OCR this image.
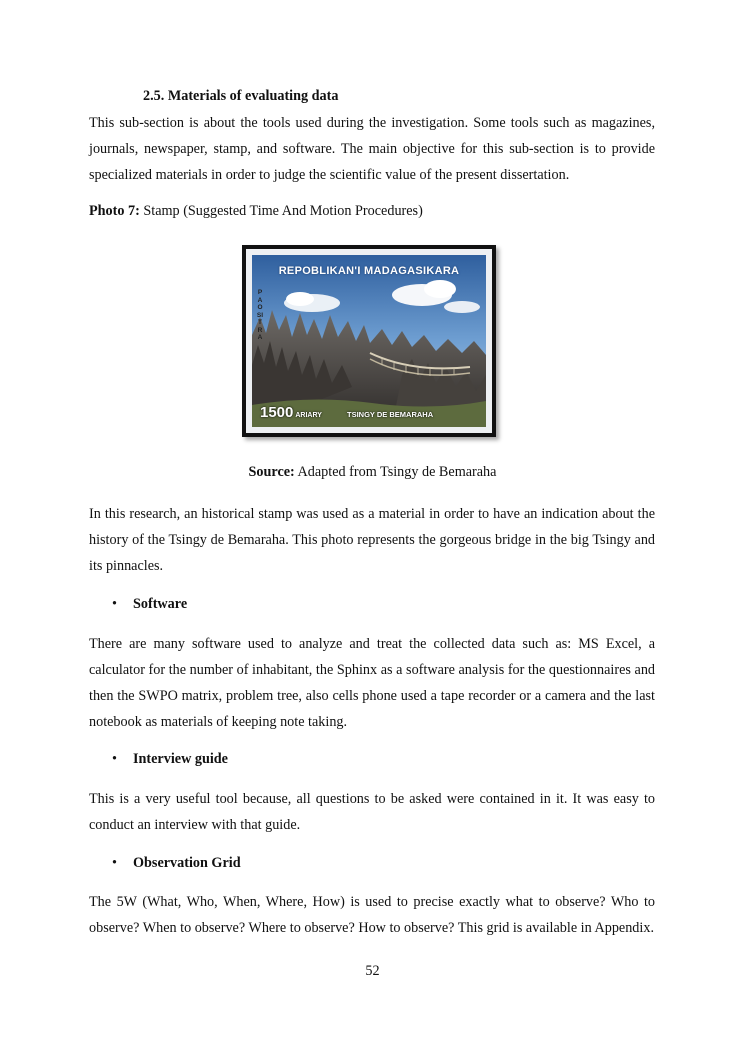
2.5. Materials of evaluating data
This sub-section is about the tools used during the investigation. Some tools such as magazines, journals, newspaper, stamp, and software. The main objective for this sub-section is to provide specialized materials in order to judge the scientific value of the present dissertation.
Photo 7: Stamp (Suggested Time And Motion Procedures)
REPOBLIKAN'I MADAGASIKARA
PAOSITRA
1500 ARIARY	TSINGY DE BEMARAHA
Source: Adapted from Tsingy de Bemaraha
In this research, an historical stamp was used as a material in order to have an indication about the history of the Tsingy de Bemaraha. This photo represents the gorgeous bridge in the big Tsingy and its pinnacles.
• Software
There are many software used to analyze and treat the collected data such as: MS Excel, a calculator for the number of inhabitant, the Sphinx as a software analysis for the questionnaires and then the SWPO matrix, problem tree, also cells phone used a tape recorder or a camera and the last notebook as materials of keeping note taking.
• Interview guide
This is a very useful tool because, all questions to be asked were contained in it. It was easy to conduct an interview with that guide.
• Observation Grid
The 5W (What, Who, When, Where, How) is used to precise exactly what to observe? Who to observe? When to observe? Where to observe? How to observe? This grid is available in Appendix.
52
